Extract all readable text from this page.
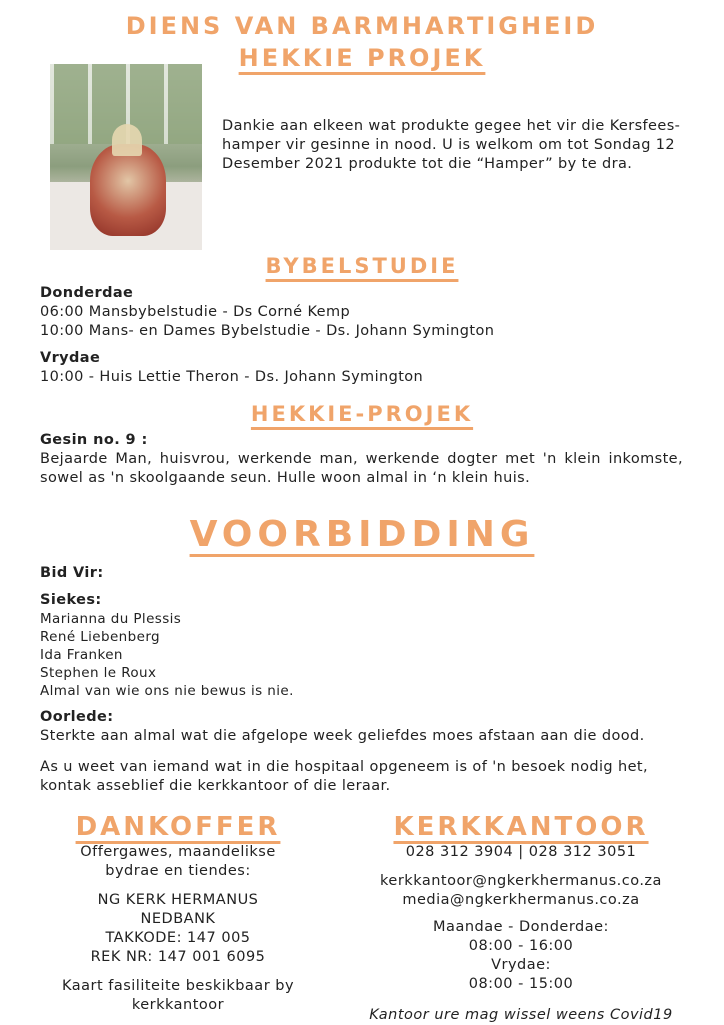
DIENS VAN BARMHARTIGHEID
HEKKIE PROJEK
Dankie aan elkeen wat produkte gegee het vir die Kersfees-hamper vir gesinne in nood. U is welkom om tot Sondag 12 Desember 2021 produkte tot die “Hamper” by te dra.
BYBELSTUDIE
Donderdae
06:00 Mansbybelstudie - Ds Corné Kemp
10:00 Mans- en Dames Bybelstudie - Ds. Johann Symington
Vrydae
10:00 - Huis Lettie Theron - Ds. Johann Symington
HEKKIE-PROJEK
Gesin no. 9 :
Bejaarde Man, huisvrou, werkende man, werkende dogter met 'n klein inkomste, sowel as 'n skoolgaande seun. Hulle woon almal in ‘n klein huis.
VOORBIDDING
Bid Vir:
Siekes:
Marianna du Plessis
René Liebenberg
Ida Franken
Stephen le Roux
Almal van wie ons nie bewus is nie.
Oorlede:
Sterkte aan almal wat die afgelope week geliefdes moes afstaan aan die dood.
As u weet van iemand wat in die hospitaal opgeneem is of 'n besoek nodig het, kontak asseblief die kerkkantoor of die leraar.
DANKOFFER
Offergawes, maandelikse
bydrae en tiendes:
NG KERK HERMANUS
NEDBANK
TAKKODE: 147 005
REK NR: 147 001 6095
Kaart fasiliteite beskikbaar by
kerkkantoor
KERKKANTOOR
028 312 3904 | 028 312 3051
kerkkantoor@ngkerkhermanus.co.za
media@ngkerkhermanus.co.za
Maandae - Donderdae:
08:00 - 16:00
Vrydae:
08:00 - 15:00
Kantoor ure mag wissel weens Covid19
